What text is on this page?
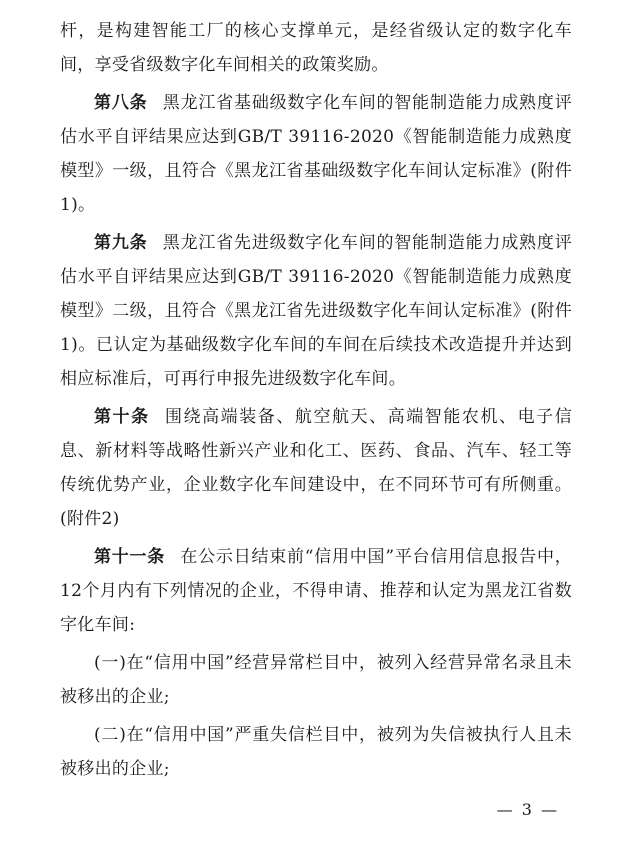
杆，是构建智能工厂的核心支撑单元，是经省级认定的数字化车间，享受省级数字化车间相关的政策奖励。

第八条 黑龙江省基础级数字化车间的智能制造能力成熟度评估水平自评结果应达到GB/T 39116-2020《智能制造能力成熟度模型》一级，且符合《黑龙江省基础级数字化车间认定标准》(附件1)。

第九条 黑龙江省先进级数字化车间的智能制造能力成熟度评估水平自评结果应达到GB/T 39116-2020《智能制造能力成熟度模型》二级，且符合《黑龙江省先进级数字化车间认定标准》(附件1)。已认定为基础级数字化车间的车间在后续技术改造提升并达到相应标准后，可再行申报先进级数字化车间。

第十条 围绕高端装备、航空航天、高端智能农机、电子信息、新材料等战略性新兴产业和化工、医药、食品、汽车、轻工等传统优势产业，企业数字化车间建设中，在不同环节可有所侧重。(附件2)

第十一条 在公示日结束前“信用中国”平台信用信息报告中，12个月内有下列情况的企业，不得申请、推荐和认定为黑龙江省数字化车间:

(一)在“信用中国”经营异常栏目中，被列入经营异常名录且未被移出的企业;

(二)在“信用中国”严重失信栏目中，被列为失信被执行人且未被移出的企业;

— 3 —
